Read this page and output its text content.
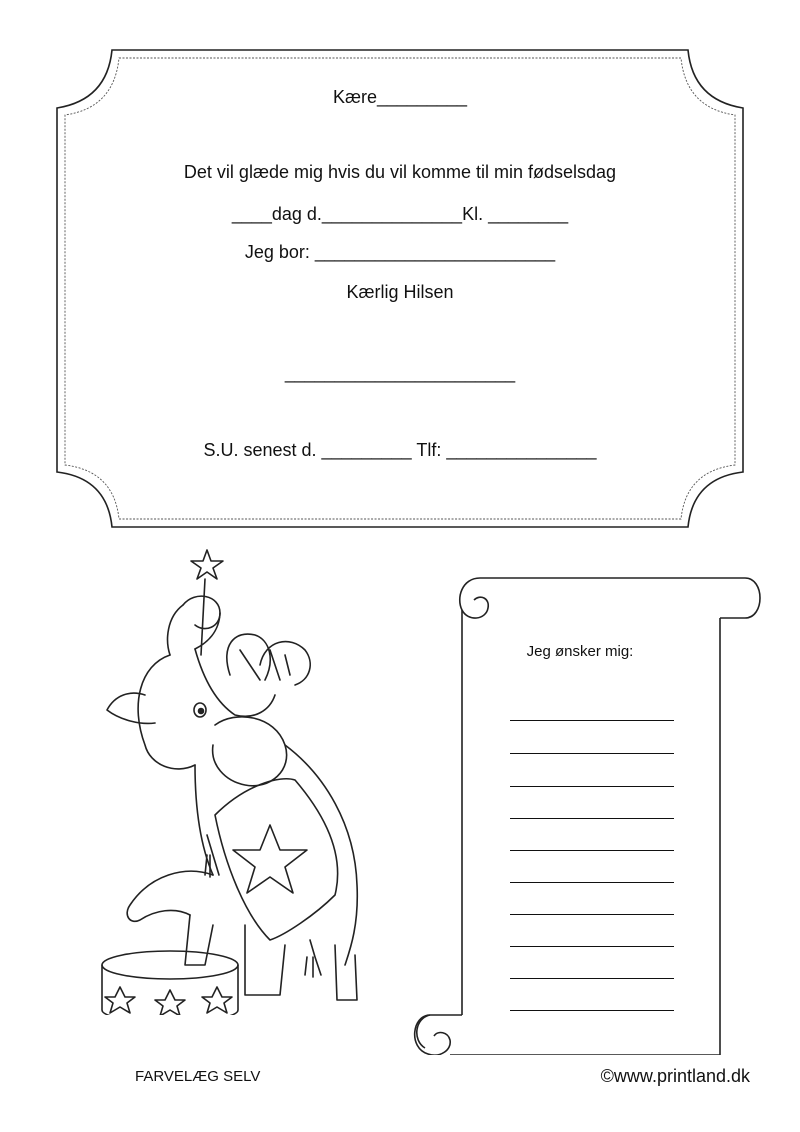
Kære_________
Det vil glæde mig hvis du vil komme til min fødselsdag
____dag d.______________Kl. ________
Jeg bor: ________________________
Kærlig Hilsen
_______________________
S.U. senest d. _________ Tlf: _______________
Jeg ønsker mig:
FARVELÆG SELV	©www.printland.dk
